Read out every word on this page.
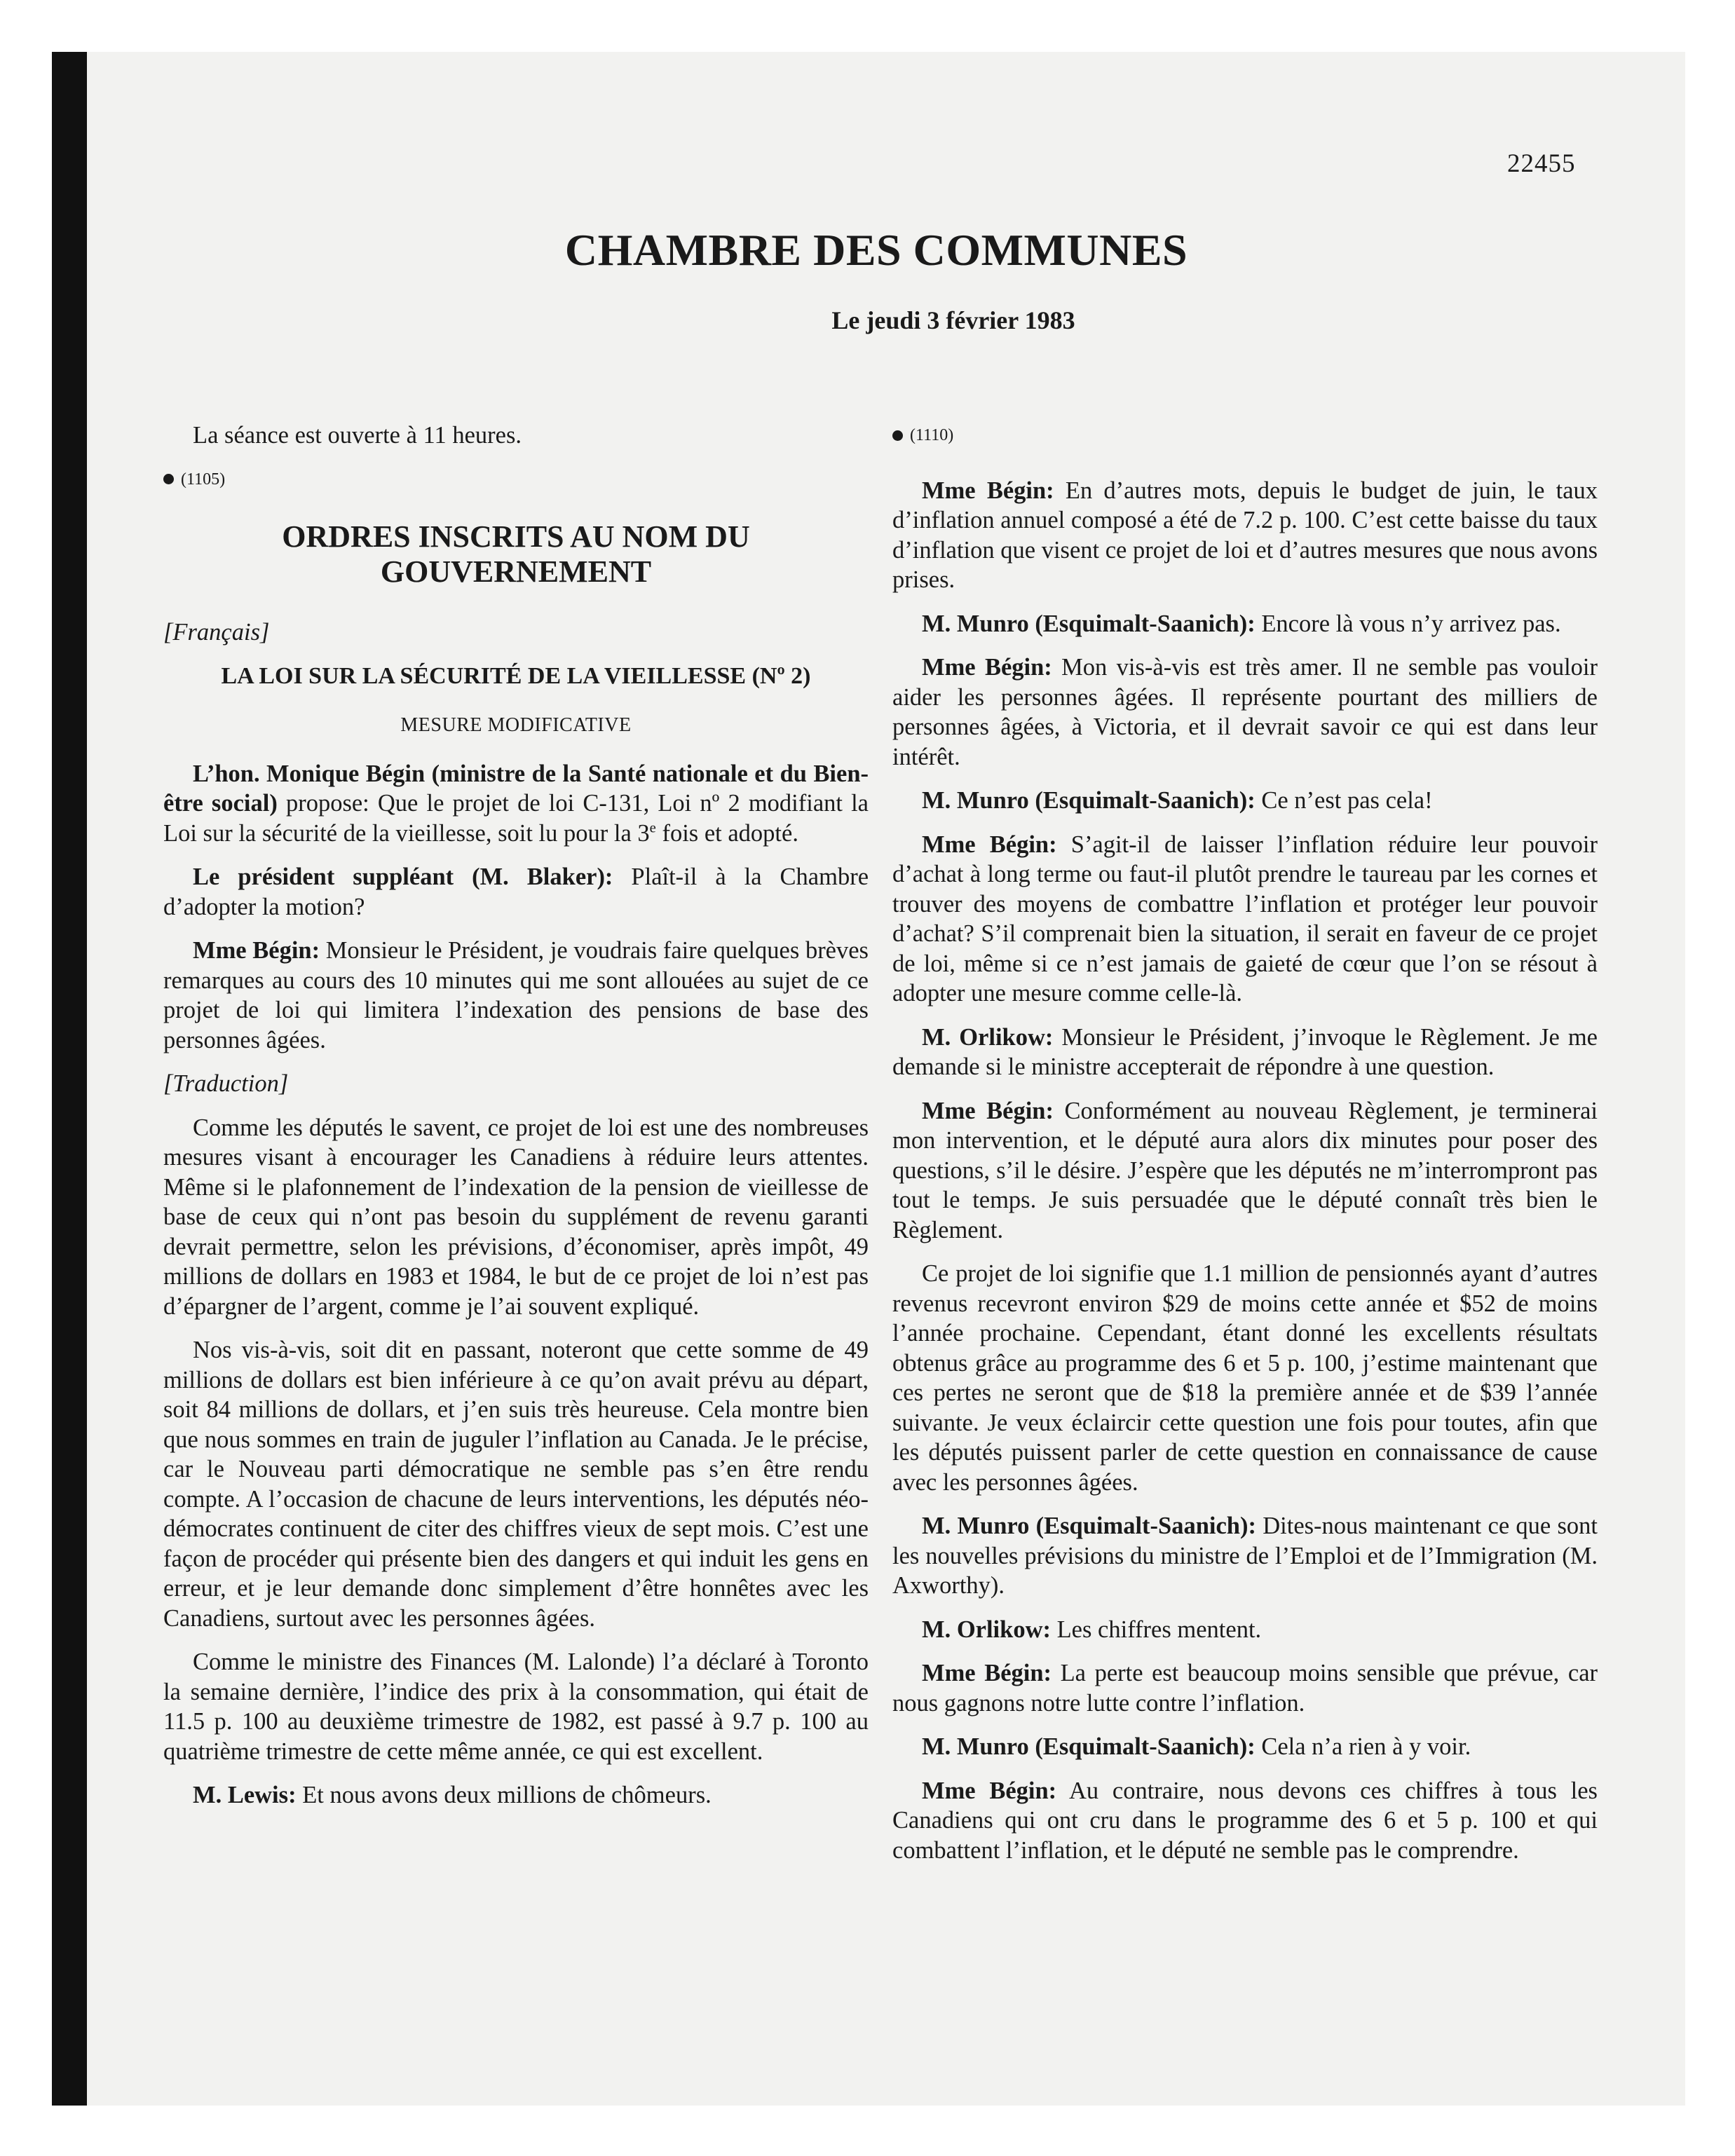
22455
CHAMBRE DES COMMUNES
Le jeudi 3 février 1983

La séance est ouverte à 11 heures.

(1105)
ORDRES INSCRITS AU NOM DU GOUVERNEMENT
[Français]
LA LOI SUR LA SÉCURITÉ DE LA VIEILLESSE (Nº 2)
MESURE MODIFICATIVE

L’hon. Monique Bégin (ministre de la Santé nationale et du Bien-être social) propose: Que le projet de loi C-131, Loi nº 2 modifiant la Loi sur la sécurité de la vieillesse, soit lu pour la 3e fois et adopté.

Le président suppléant (M. Blaker): Plaît-il à la Chambre d’adopter la motion?

Mme Bégin: Monsieur le Président, je voudrais faire quelques brèves remarques au cours des 10 minutes qui me sont allouées au sujet de ce projet de loi qui limitera l’indexation des pensions de base des personnes âgées.

[Traduction]

Comme les députés le savent, ce projet de loi est une des nombreuses mesures visant à encourager les Canadiens à réduire leurs attentes. Même si le plafonnement de l’indexation de la pension de vieillesse de base de ceux qui n’ont pas besoin du supplément de revenu garanti devrait permettre, selon les prévisions, d’économiser, après impôt, 49 millions de dollars en 1983 et 1984, le but de ce projet de loi n’est pas d’épargner de l’argent, comme je l’ai souvent expliqué.

Nos vis-à-vis, soit dit en passant, noteront que cette somme de 49 millions de dollars est bien inférieure à ce qu’on avait prévu au départ, soit 84 millions de dollars, et j’en suis très heureuse. Cela montre bien que nous sommes en train de juguler l’inflation au Canada. Je le précise, car le Nouveau parti démocratique ne semble pas s’en être rendu compte. A l’occasion de chacune de leurs interventions, les députés néo-démocrates continuent de citer des chiffres vieux de sept mois. C’est une façon de procéder qui présente bien des dangers et qui induit les gens en erreur, et je leur demande donc simplement d’être honnêtes avec les Canadiens, surtout avec les personnes âgées.

Comme le ministre des Finances (M. Lalonde) l’a déclaré à Toronto la semaine dernière, l’indice des prix à la consommation, qui était de 11.5 p. 100 au deuxième trimestre de 1982, est passé à 9.7 p. 100 au quatrième trimestre de cette même année, ce qui est excellent.

M. Lewis: Et nous avons deux millions de chômeurs.

(1110)

Mme Bégin: En d’autres mots, depuis le budget de juin, le taux d’inflation annuel composé a été de 7.2 p. 100. C’est cette baisse du taux d’inflation que visent ce projet de loi et d’autres mesures que nous avons prises.

M. Munro (Esquimalt-Saanich): Encore là vous n’y arrivez pas.

Mme Bégin: Mon vis-à-vis est très amer. Il ne semble pas vouloir aider les personnes âgées. Il représente pourtant des milliers de personnes âgées, à Victoria, et il devrait savoir ce qui est dans leur intérêt.

M. Munro (Esquimalt-Saanich): Ce n’est pas cela!

Mme Bégin: S’agit-il de laisser l’inflation réduire leur pouvoir d’achat à long terme ou faut-il plutôt prendre le taureau par les cornes et trouver des moyens de combattre l’inflation et protéger leur pouvoir d’achat? S’il comprenait bien la situation, il serait en faveur de ce projet de loi, même si ce n’est jamais de gaieté de cœur que l’on se résout à adopter une mesure comme celle-là.

M. Orlikow: Monsieur le Président, j’invoque le Règlement. Je me demande si le ministre accepterait de répondre à une question.

Mme Bégin: Conformément au nouveau Règlement, je terminerai mon intervention, et le député aura alors dix minutes pour poser des questions, s’il le désire. J’espère que les députés ne m’interrompront pas tout le temps. Je suis persuadée que le député connaît très bien le Règlement.

Ce projet de loi signifie que 1.1 million de pensionnés ayant d’autres revenus recevront environ $29 de moins cette année et $52 de moins l’année prochaine. Cependant, étant donné les excellents résultats obtenus grâce au programme des 6 et 5 p. 100, j’estime maintenant que ces pertes ne seront que de $18 la première année et de $39 l’année suivante. Je veux éclaircir cette question une fois pour toutes, afin que les députés puissent parler de cette question en connaissance de cause avec les personnes âgées.

M. Munro (Esquimalt-Saanich): Dites-nous maintenant ce que sont les nouvelles prévisions du ministre de l’Emploi et de l’Immigration (M. Axworthy).

M. Orlikow: Les chiffres mentent.

Mme Bégin: La perte est beaucoup moins sensible que prévue, car nous gagnons notre lutte contre l’inflation.

M. Munro (Esquimalt-Saanich): Cela n’a rien à y voir.

Mme Bégin: Au contraire, nous devons ces chiffres à tous les Canadiens qui ont cru dans le programme des 6 et 5 p. 100 et qui combattent l’inflation, et le député ne semble pas le comprendre.
